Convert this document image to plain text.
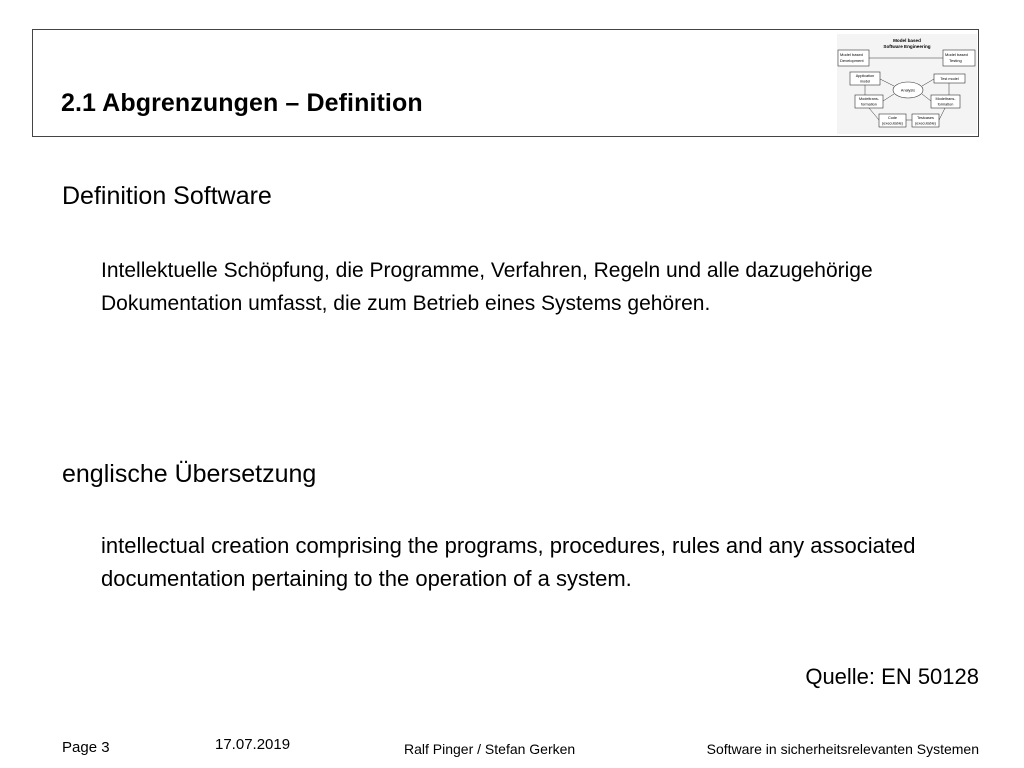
2.1 Abgrenzungen – Definition
Model based
Software Engineering
Model based
Development
Model based
Testing
Application
model
Test model
Analysis
Modeltrans-
formation
Modeltrans-
formation
Code
(executable)
Testcases
(executable)
Definition Software

Intellektuelle Schöpfung, die Programme, Verfahren, Regeln und alle dazugehörige Dokumentation umfasst, die zum Betrieb eines Systems gehören.

englische Übersetzung

intellectual creation comprising the programs, procedures, rules and any associated documentation pertaining to the operation of a system.

Quelle: EN 50128

Page 3	17.07.2019	Ralf Pinger / Stefan Gerken	Software in sicherheitsrelevanten Systemen
